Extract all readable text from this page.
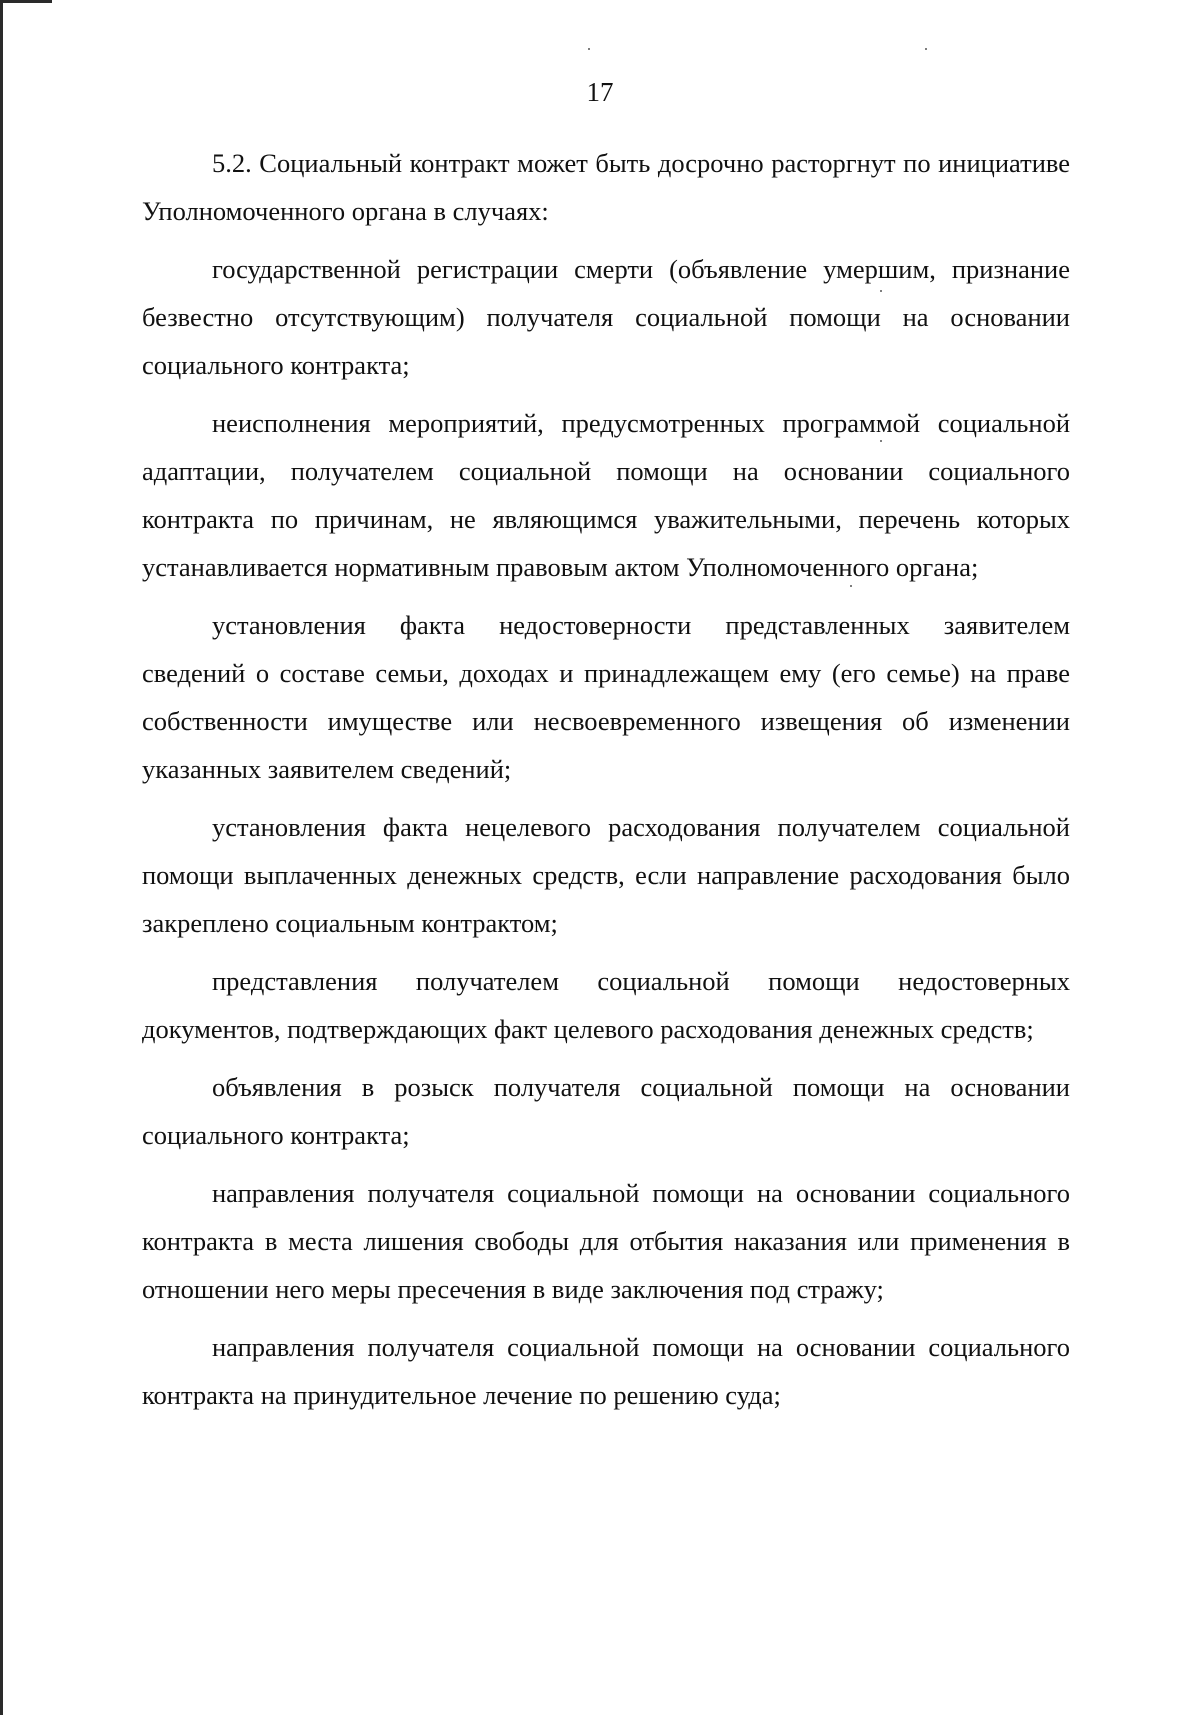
17

5.2. Социальный контракт может быть досрочно расторгнут по инициативе Уполномоченного органа в случаях:

государственной регистрации смерти (объявление умершим, признание безвестно отсутствующим) получателя социальной помощи на основании социального контракта;

неисполнения мероприятий, предусмотренных программой социальной адаптации, получателем социальной помощи на основании социального контракта по причинам, не являющимся уважительными, перечень которых устанавливается нормативным правовым актом Уполномоченного органа;

установления факта недостоверности представленных заявителем сведений о составе семьи, доходах и принадлежащем ему (его семье) на праве собственности имуществе или несвоевременного извещения об изменении указанных заявителем сведений;

установления факта нецелевого расходования получателем социальной помощи выплаченных денежных средств, если направление расходования было закреплено социальным контрактом;

представления получателем социальной помощи недостоверных документов, подтверждающих факт целевого расходования денежных средств;

объявления в розыск получателя социальной помощи на основании социального контракта;

направления получателя социальной помощи на основании социального контракта в места лишения свободы для отбытия наказания или применения в отношении него меры пресечения в виде заключения под стражу;

направления получателя социальной помощи на основании социального контракта на принудительное лечение по решению суда;
